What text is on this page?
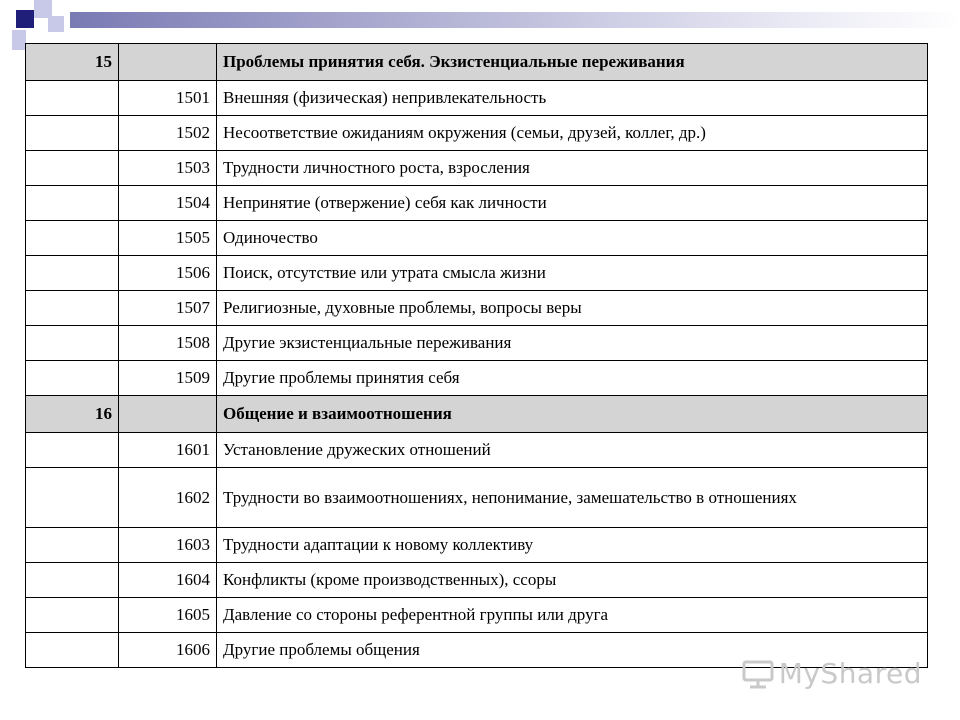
15		Проблемы принятия себя. Экзистенциальные переживания
	1501	Внешняя (физическая) непривлекательность
	1502	Несоответствие ожиданиям окружения (семьи, друзей, коллег, др.)
	1503	Трудности личностного роста, взросления
	1504	Непринятие (отвержение) себя как личности
	1505	Одиночество
	1506	Поиск, отсутствие или утрата смысла жизни
	1507	Религиозные, духовные проблемы, вопросы веры
	1508	Другие экзистенциальные переживания
	1509	Другие проблемы принятия себя
16		Общение и взаимоотношения
	1601	Установление дружеских отношений
	1602	Трудности во взаимоотношениях, непонимание, замешательство в отношениях
	1603	Трудности адаптации к новому коллективу
	1604	Конфликты (кроме производственных), ссоры
	1605	Давление со стороны референтной группы или друга
	1606	Другие проблемы общения
MyShared
